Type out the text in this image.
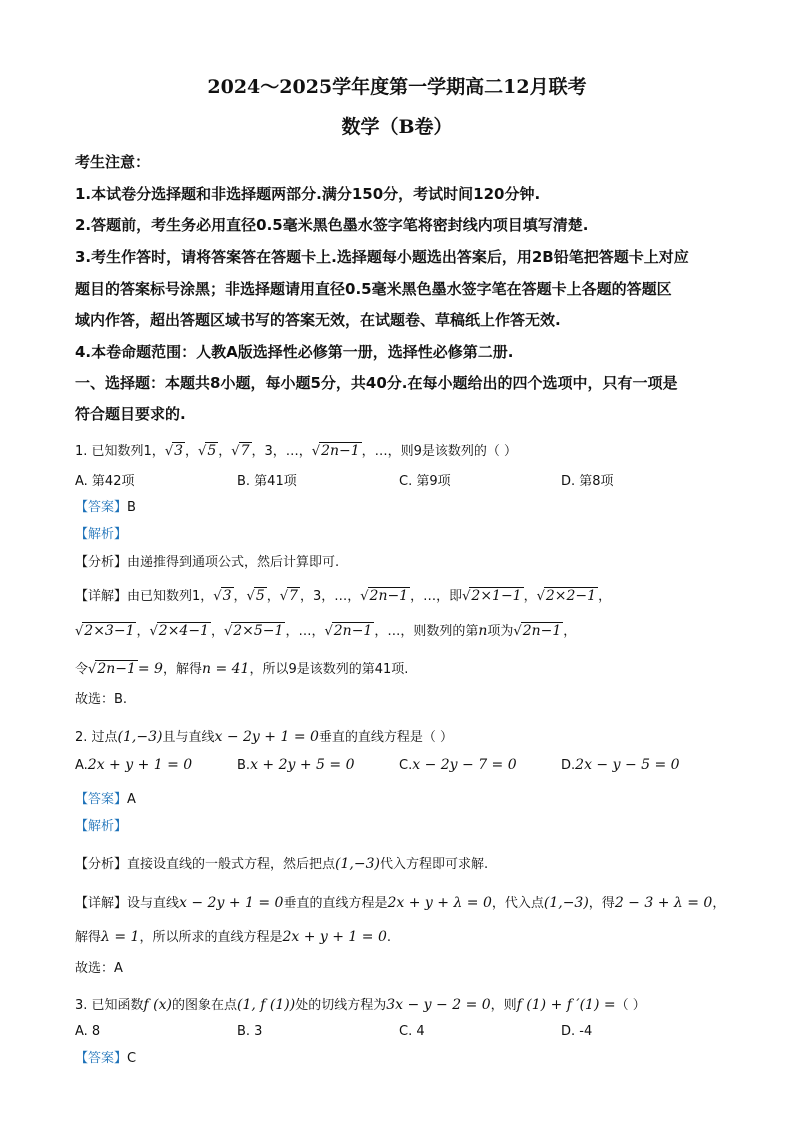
2024～2025学年度第一学期高二12月联考
数学（B卷）
考生注意：
1.本试卷分选择题和非选择题两部分.满分150分，考试时间120分钟.
2.答题前，考生务必用直径0.5毫米黑色墨水签字笔将密封线内项目填写清楚.
3.考生作答时，请将答案答在答题卡上.选择题每小题选出答案后，用2B铅笔把答题卡上对应
题目的答案标号涂黑；非选择题请用直径0.5毫米黑色墨水签字笔在答题卡上各题的答题区
域内作答，超出答题区域书写的答案无效，在试题卷、草稿纸上作答无效.
4.本卷命题范围：人教A版选择性必修第一册，选择性必修第二册.
一、选择题：本题共8小题，每小题5分，共40分.在每小题给出的四个选项中，只有一项是
符合题目要求的.
1. 已知数列1，√3 ，√5 ，√7 ，3，…，√2n−1 ，…，则9是该数列的（ ）
A. 第42项	B. 第41项	C. 第9项	D. 第8项
【答案】B
【解析】
【分析】由递推得到通项公式，然后计算即可.
【详解】由已知数列1，√3 ，√5 ，√7 ，3，…，√2n−1 ，…，即√2×1−1 ，√2×2−1 ，
√2×3−1 ，√2×4−1 ，√2×5−1 ，…，√2n−1 ，…，则数列的第n项为√2n−1 ，
令√2n−1 = 9，解得n = 41，所以9是该数列的第41项.
故选：B.
2. 过点(1,−3)且与直线x − 2y + 1 = 0垂直的直线方程是（ ）
A.2x + y + 1 = 0	B.x + 2y + 5 = 0	C.x − 2y − 7 = 0	D.2x − y − 5 = 0
【答案】A
【解析】
【分析】直接设直线的一般式方程，然后把点(1,−3)代入方程即可求解.
【详解】设与直线x − 2y + 1 = 0垂直的直线方程是2x + y + λ = 0，代入点(1,−3)，得2 − 3 + λ = 0，
解得λ = 1，所以所求的直线方程是2x + y + 1 = 0.
故选：A
3. 已知函数f (x)的图象在点(1, f (1))处的切线方程为3x − y − 2 = 0，则f (1) + f ′(1) =（ ）
A. 8	B. 3	C. 4	D. -4
【答案】C
